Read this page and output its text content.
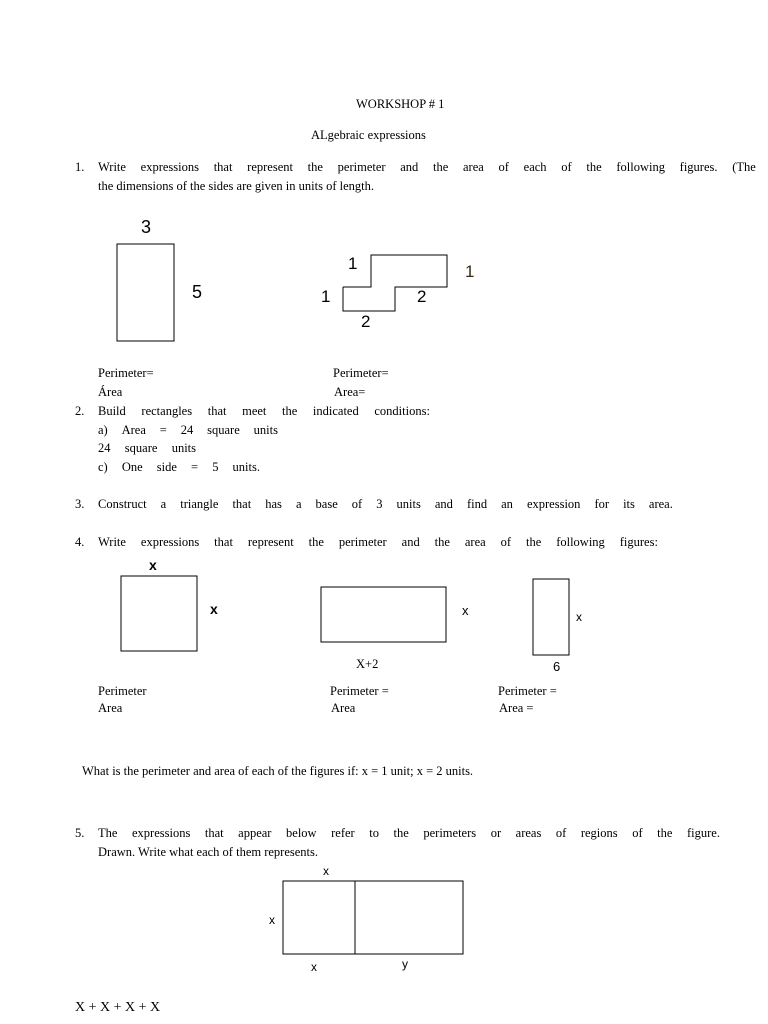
WORKSHOP # 1
ALgebraic expressions
1. Write expressions that represent the perimeter and the area of each of the following figures. (The
the dimensions of the sides are given in units of length.
3
5
1	1
1	2
2
Perimeter=
Área
Perimeter=
Area=
2. Build rectangles that meet the indicated conditions:
a) Area = 24 square units
24 square units
c) One side = 5 units.
3. Construct a triangle that has a base of 3 units and find an expression for its area.
4. Write expressions that represent the perimeter and the area of the following figures:
x
x	x
X+2
x
6
Perimeter
Area
Perimeter =
Area
Perimeter =
Area =
What is the perimeter and area of each of the figures if: x = 1 unit; x = 2 units.
5. The expressions that appear below refer to the perimeters or areas of regions of the figure.
Drawn. Write what each of them represents.
x
x
x	y
X + X + X + X
